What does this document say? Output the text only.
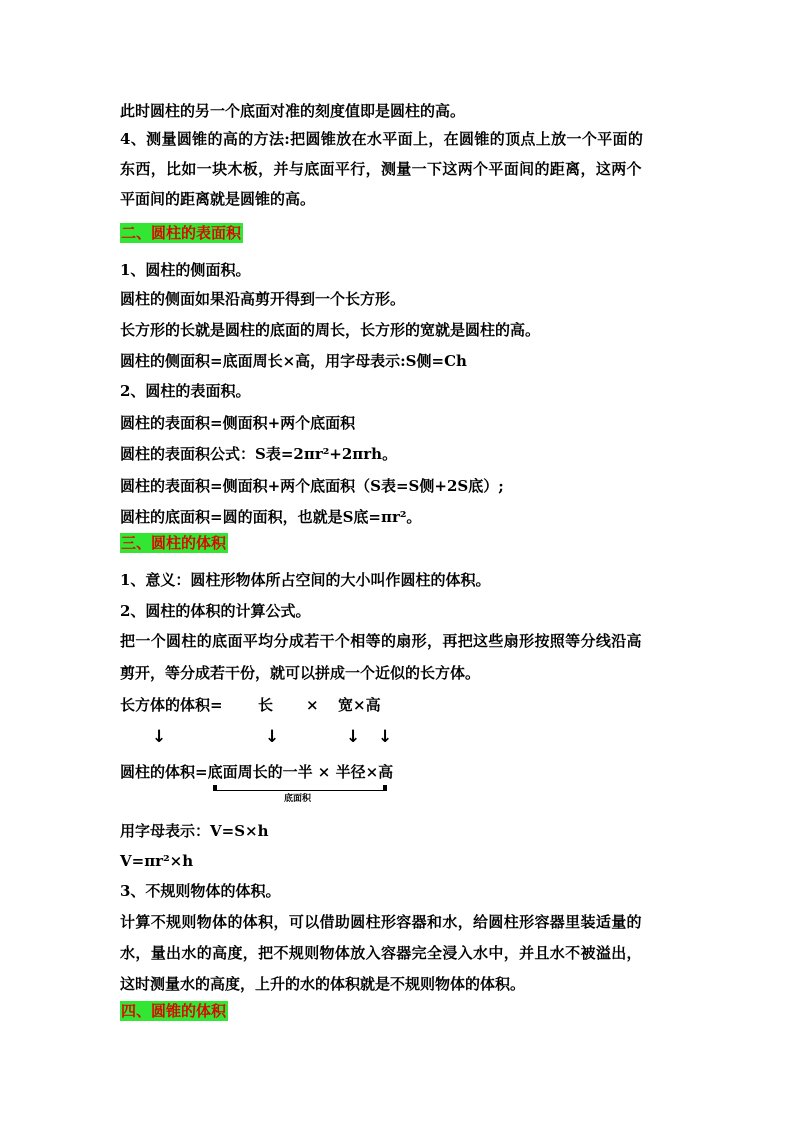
此时圆柱的另一个底面对准的刻度值即是圆柱的高。
4、测量圆锥的高的方法:把圆锥放在水平面上，在圆锥的顶点上放一个平面的
东西，比如一块木板，并与底面平行，测量一下这两个平面间的距离，这两个
平面间的距离就是圆锥的高。
二、圆柱的表面积
1、圆柱的侧面积。
圆柱的侧面如果沿高剪开得到一个长方形。
长方形的长就是圆柱的底面的周长，长方形的宽就是圆柱的高。
圆柱的侧面积=底面周长×高，用字母表示:S侧=Ch
2、圆柱的表面积。
圆柱的表面积=侧面积+两个底面积
圆柱的表面积公式：S表=2πr²+2πrh。
圆柱的表面积=侧面积+两个底面积（S表=S侧+2S底）;
圆柱的底面积=圆的面积，也就是S底=πr²。
三、圆柱的体积
1、意义：圆柱形物体所占空间的大小叫作圆柱的体积。
2、圆柱的体积的计算公式。
把一个圆柱的底面平均分成若干个相等的扇形，再把这些扇形按照等分线沿高
剪开，等分成若干份，就可以拼成一个近似的长方体。
长方体的体积= 长 × 宽×高
↓	↓	↓ ↓
圆柱的体积=底面周长的一半 × 半径×高
底面积
用字母表示：V=S×h
V=πr²×h
3、不规则物体的体积。
计算不规则物体的体积，可以借助圆柱形容器和水，给圆柱形容器里装适量的
水，量出水的高度，把不规则物体放入容器完全浸入水中，并且水不被溢出，
这时测量水的高度，上升的水的体积就是不规则物体的体积。
四、圆锥的体积
